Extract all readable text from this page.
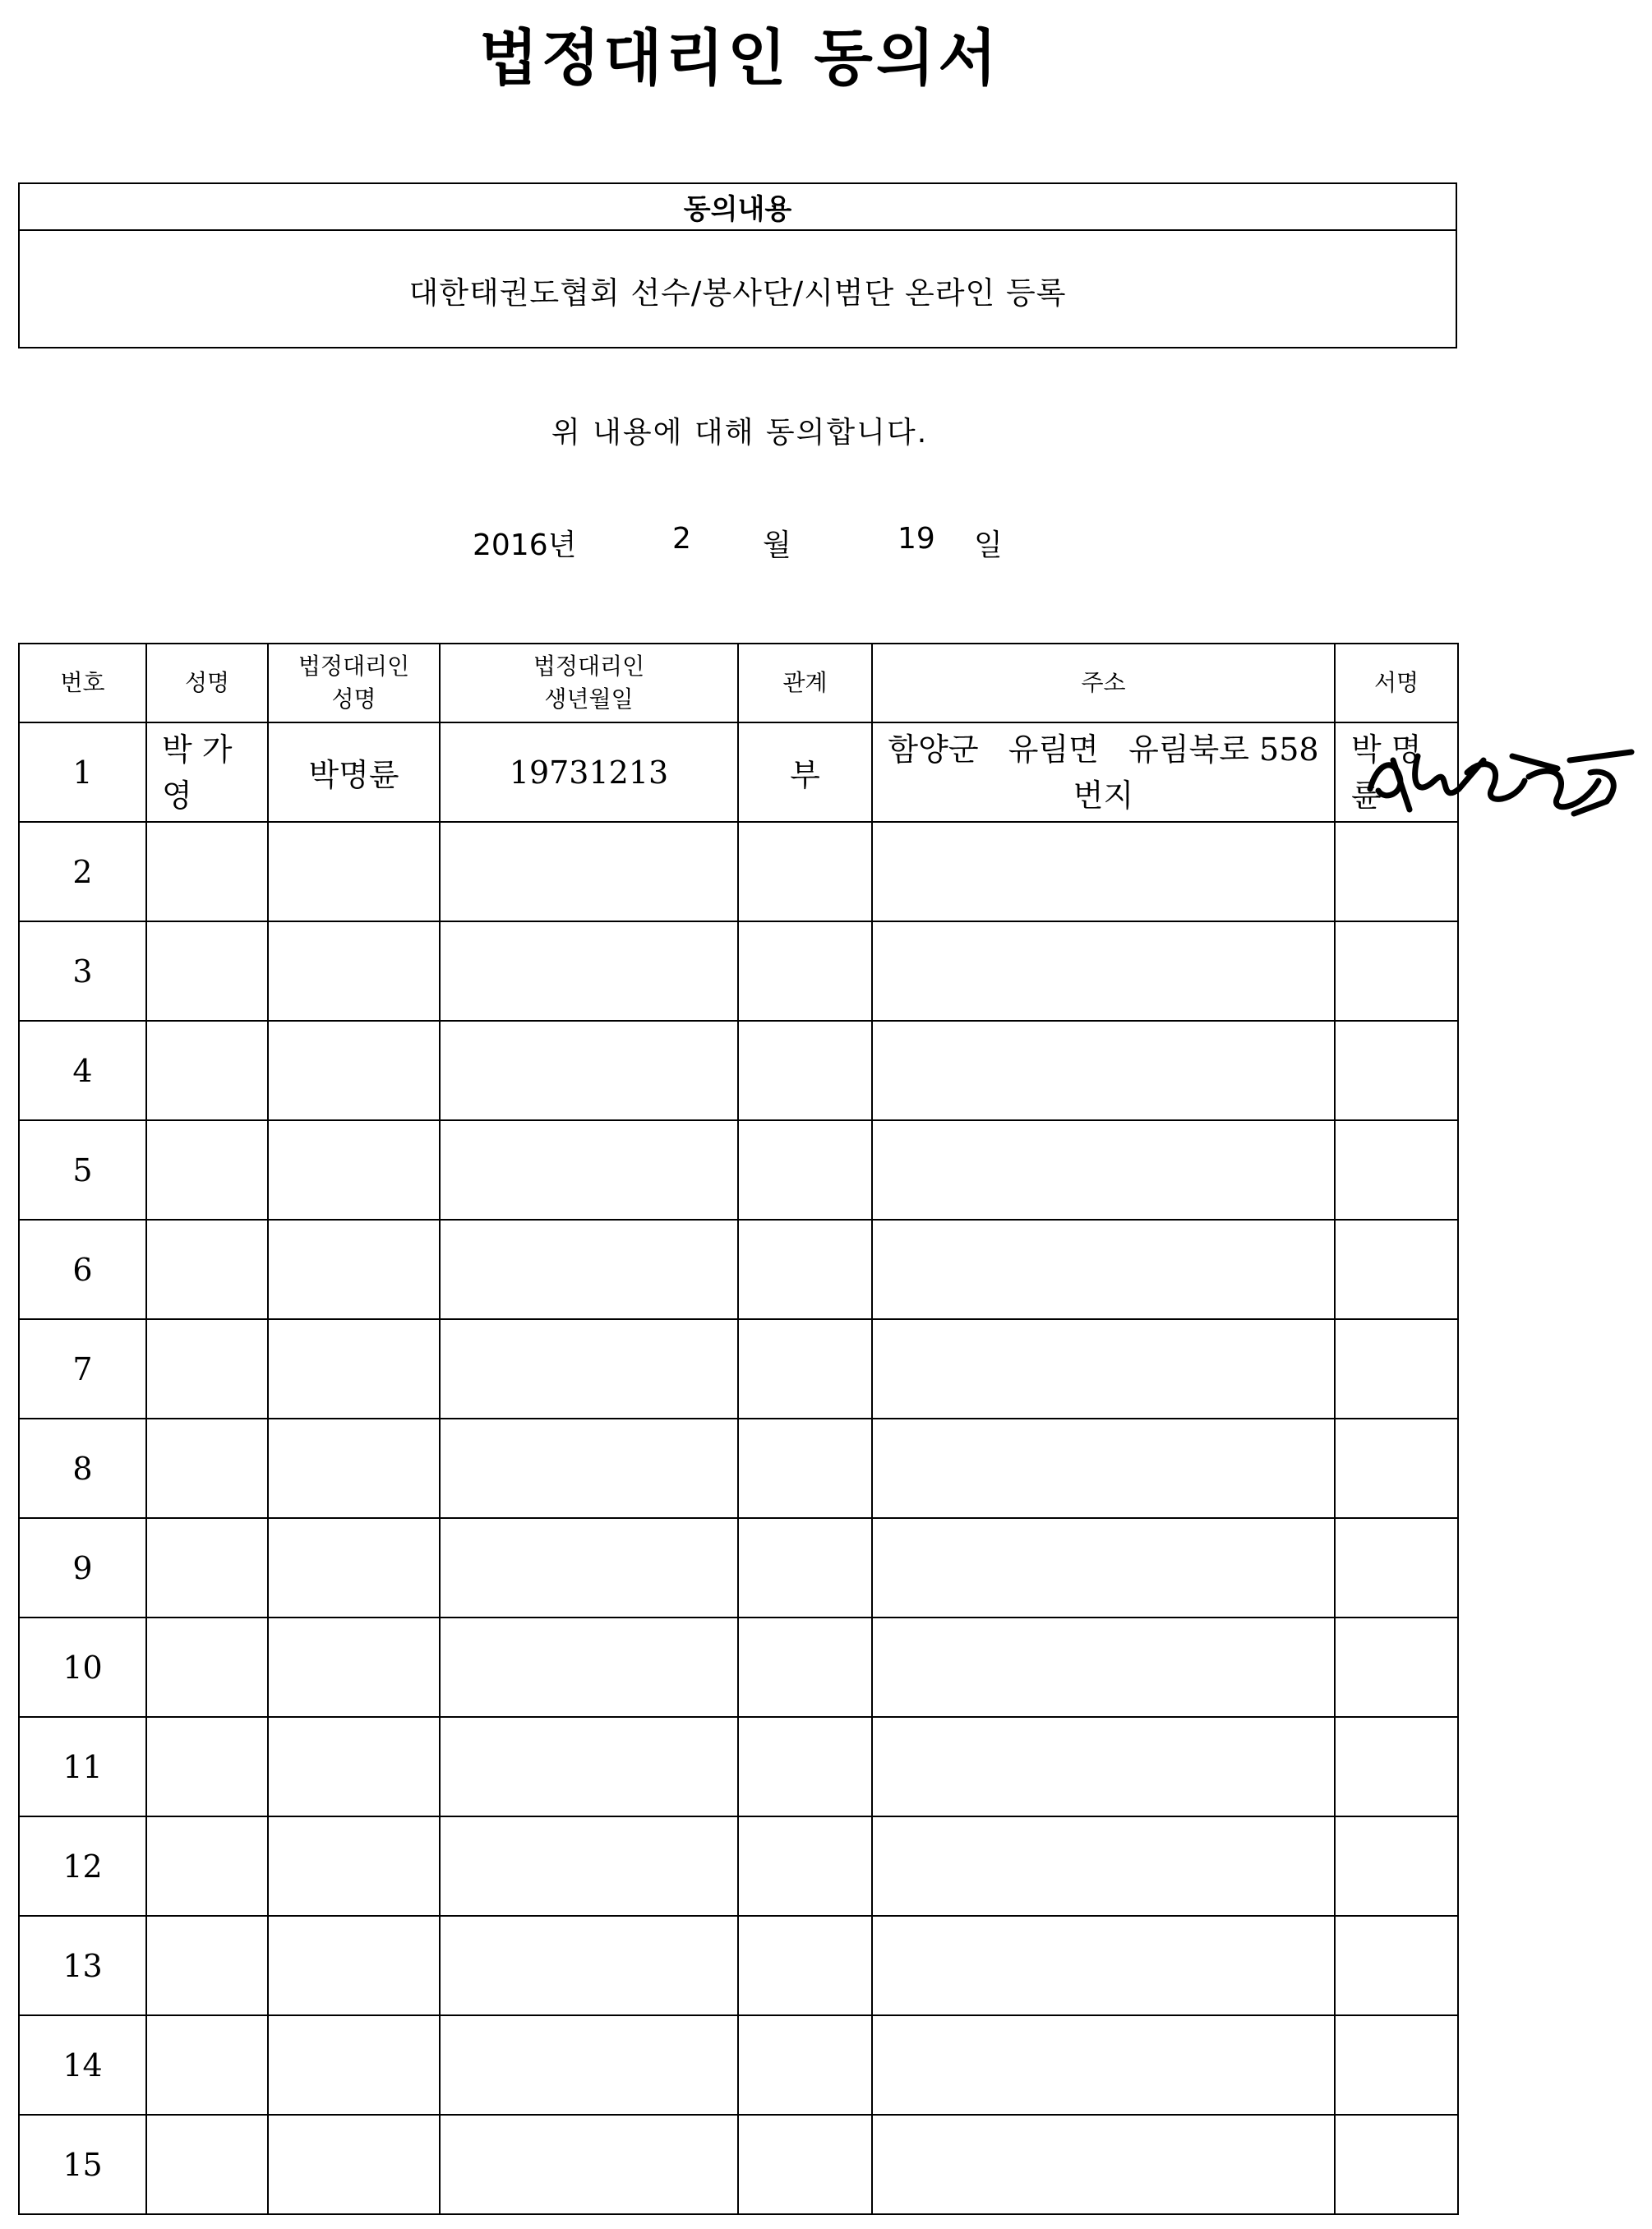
법정대리인 동의서
동의내용
대한태권도협회 선수/봉사단/시범단 온라인 등록
위 내용에 대해 동의합니다.
2016년	2 월	19 일
번호	성명	법정대리인 성명	법정대리인 생년월일	관계	주소	서명
1	박 가 영	박명륜	19731213	부	함양군   유림면   유림북로 558번지	박 명 륜
2						
3						
4						
5						
6						
7						
8						
9						
10						
11						
12						
13						
14						
15						
